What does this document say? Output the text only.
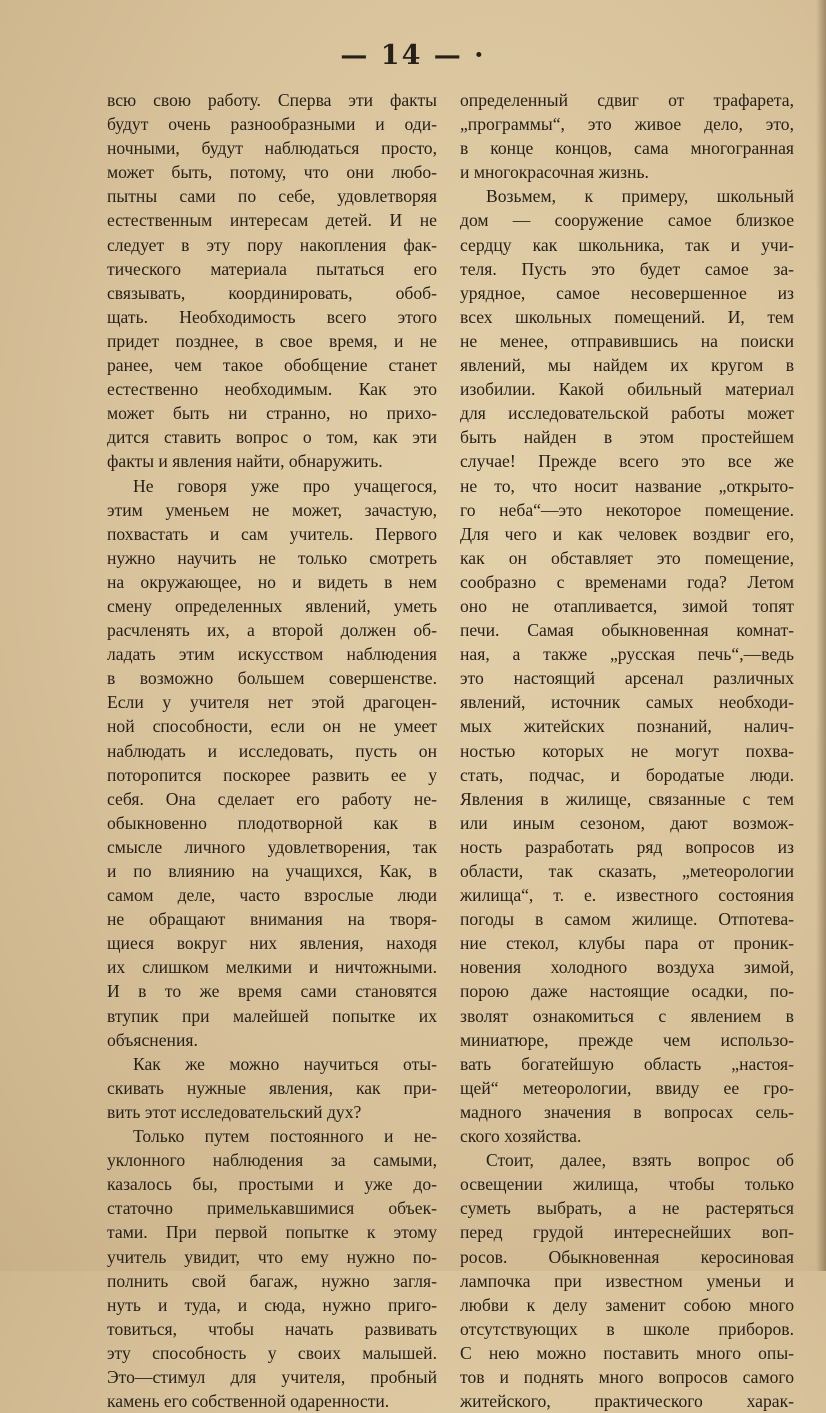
— 14 — ·
всю свою работу. Сперва эти факты
будут очень разнообразными и оди-
ночными, будут наблюдаться просто,
может быть, потому, что они любо-
пытны сами по себе, удовлетворяя
естественным интересам детей. И не
следует в эту пору накопления фак-
тического материала пытаться его
связывать, координировать, обоб-
щать. Необходимость всего этого
придет позднее, в свое время, и не
ранее, чем такое обобщение станет
естественно необходимым. Как это
может быть ни странно, но прихо-
дится ставить вопрос о том, как эти
факты и явления найти, обнаружить.
Не говоря уже про учащегося,
этим уменьем не может, зачастую,
похвастать и сам учитель. Первого
нужно научить не только смотреть
на окружающее, но и видеть в нем
смену определенных явлений, уметь
расчленять их, а второй должен об-
ладать этим искусством наблюдения
в возможно большем совершенстве.
Если у учителя нет этой драгоцен-
ной способности, если он не умеет
наблюдать и исследовать, пусть он
поторопится поскорее развить ее у
себя. Она сделает его работу не-
обыкновенно плодотворной как в
смысле личного удовлетворения, так
и по влиянию на учащихся, Как, в
самом деле, часто взрослые люди
не обращают внимания на творя-
щиеся вокруг них явления, находя
их слишком мелкими и ничтожными.
И в то же время сами становятся
втупик при малейшей попытке их
объяснения.
Как же можно научиться оты-
скивать нужные явления, как при-
вить этот исследовательский дух?
Только путем постоянного и не-
уклонного наблюдения за самыми,
казалось бы, простыми и уже до-
статочно примелькавшимися объек-
тами. При первой попытке к этому
учитель увидит, что ему нужно по-
полнить свой багаж, нужно загля-
нуть и туда, и сюда, нужно приго-
товиться, чтобы начать развивать
эту способность у своих малышей.
Это—стимул для учителя, пробный
камень его собственной одаренности.
определенный сдвиг от трафарета,
„программы“, это живое дело, это,
в конце концов, сама многогранная
и многокрасочная жизнь.
Возьмем, к примеру, школьный
дом — сооружение самое близкое
сердцу как школьника, так и учи-
теля. Пусть это будет самое за-
урядное, самое несовершенное из
всех школьных помещений. И, тем
не менее, отправившись на поиски
явлений, мы найдем их кругом в
изобилии. Какой обильный материал
для исследовательской работы может
быть найден в этом простейшем
случае! Прежде всего это все же
не то, что носит название „открыто-
го неба“—это некоторое помещение.
Для чего и как человек воздвиг его,
как он обставляет это помещение,
сообразно с временами года? Летом
оно не отапливается, зимой топят
печи. Самая обыкновенная комнат-
ная, а также „русская печь“,—ведь
это настоящий арсенал различных
явлений, источник самых необходи-
мых житейских познаний, налич-
ностью которых не могут похва-
стать, подчас, и бородатые люди.
Явления в жилище, связанные с тем
или иным сезоном, дают возмож-
ность разработать ряд вопросов из
области, так сказать, „метеорологии
жилища“, т. е. известного состояния
погоды в самом жилище. Отпотева-
ние стекол, клубы пара от проник-
новения холодного воздуха зимой,
порою даже настоящие осадки, по-
зволят ознакомиться с явлением в
миниатюре, прежде чем использо-
вать богатейшую область „настоя-
щей“ метеорологии, ввиду ее гро-
мадного значения в вопросах сель-
ского хозяйства.
Стоит, далее, взять вопрос об
освещении жилища, чтобы только
суметь выбрать, а не растеряться
перед грудой интереснейших воп-
росов. Обыкновенная керосиновая
лампочка при известном уменьи и
любви к делу заменит собою много
отсутствующих в школе приборов.
С нею можно поставить много опы-
тов и поднять много вопросов самого
житейского, практического харак-
